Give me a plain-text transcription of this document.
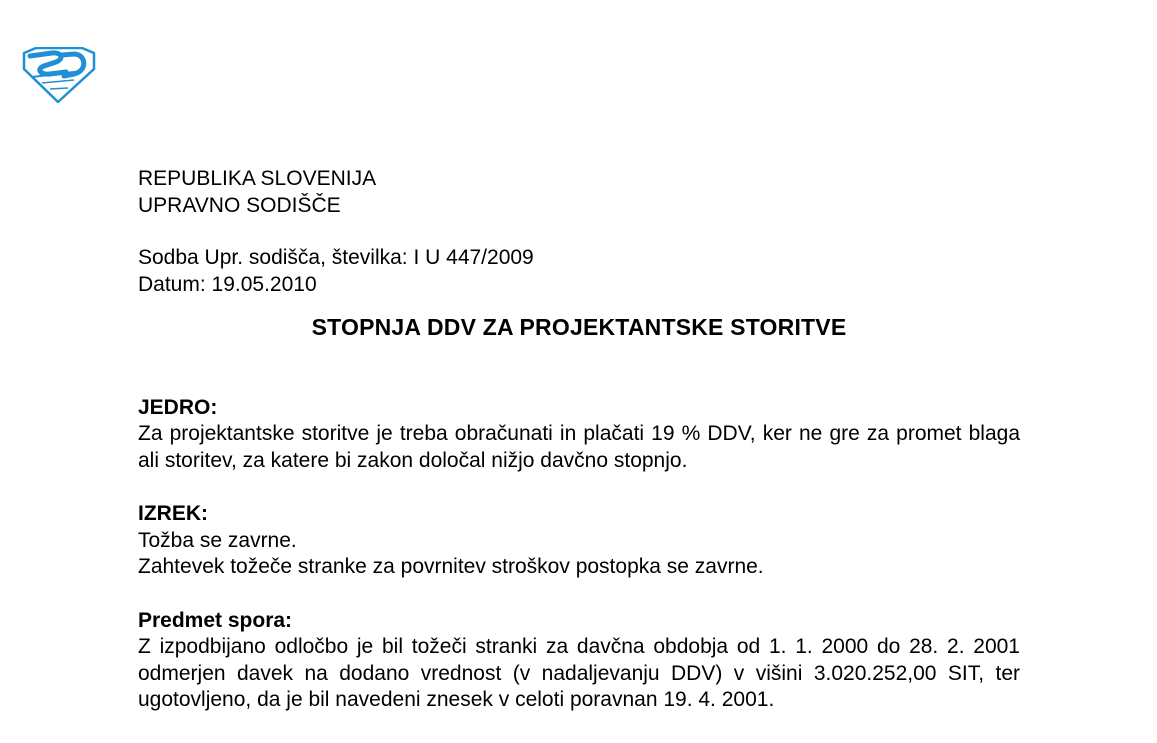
REPUBLIKA SLOVENIJA
UPRAVNO SODIŠČE
Sodba Upr. sodišča, številka: I U 447/2009
Datum: 19.05.2010
STOPNJA DDV ZA PROJEKTANTSKE STORITVE
JEDRO:
Za projektantske storitve je treba obračunati in plačati 19 % DDV, ker ne gre za promet blaga ali storitev, za katere bi zakon določal nižjo davčno stopnjo.
IZREK:
Tožba se zavrne.
Zahtevek tožeče stranke za povrnitev stroškov postopka se zavrne.
Predmet spora:
Z izpodbijano odločbo je bil tožeči stranki za davčna obdobja od 1. 1. 2000 do 28. 2. 2001 odmerjen davek na dodano vrednost (v nadaljevanju DDV) v višini 3.020.252,00 SIT, ter ugotovljeno, da je bil navedeni znesek v celoti poravnan 19. 4. 2001.
